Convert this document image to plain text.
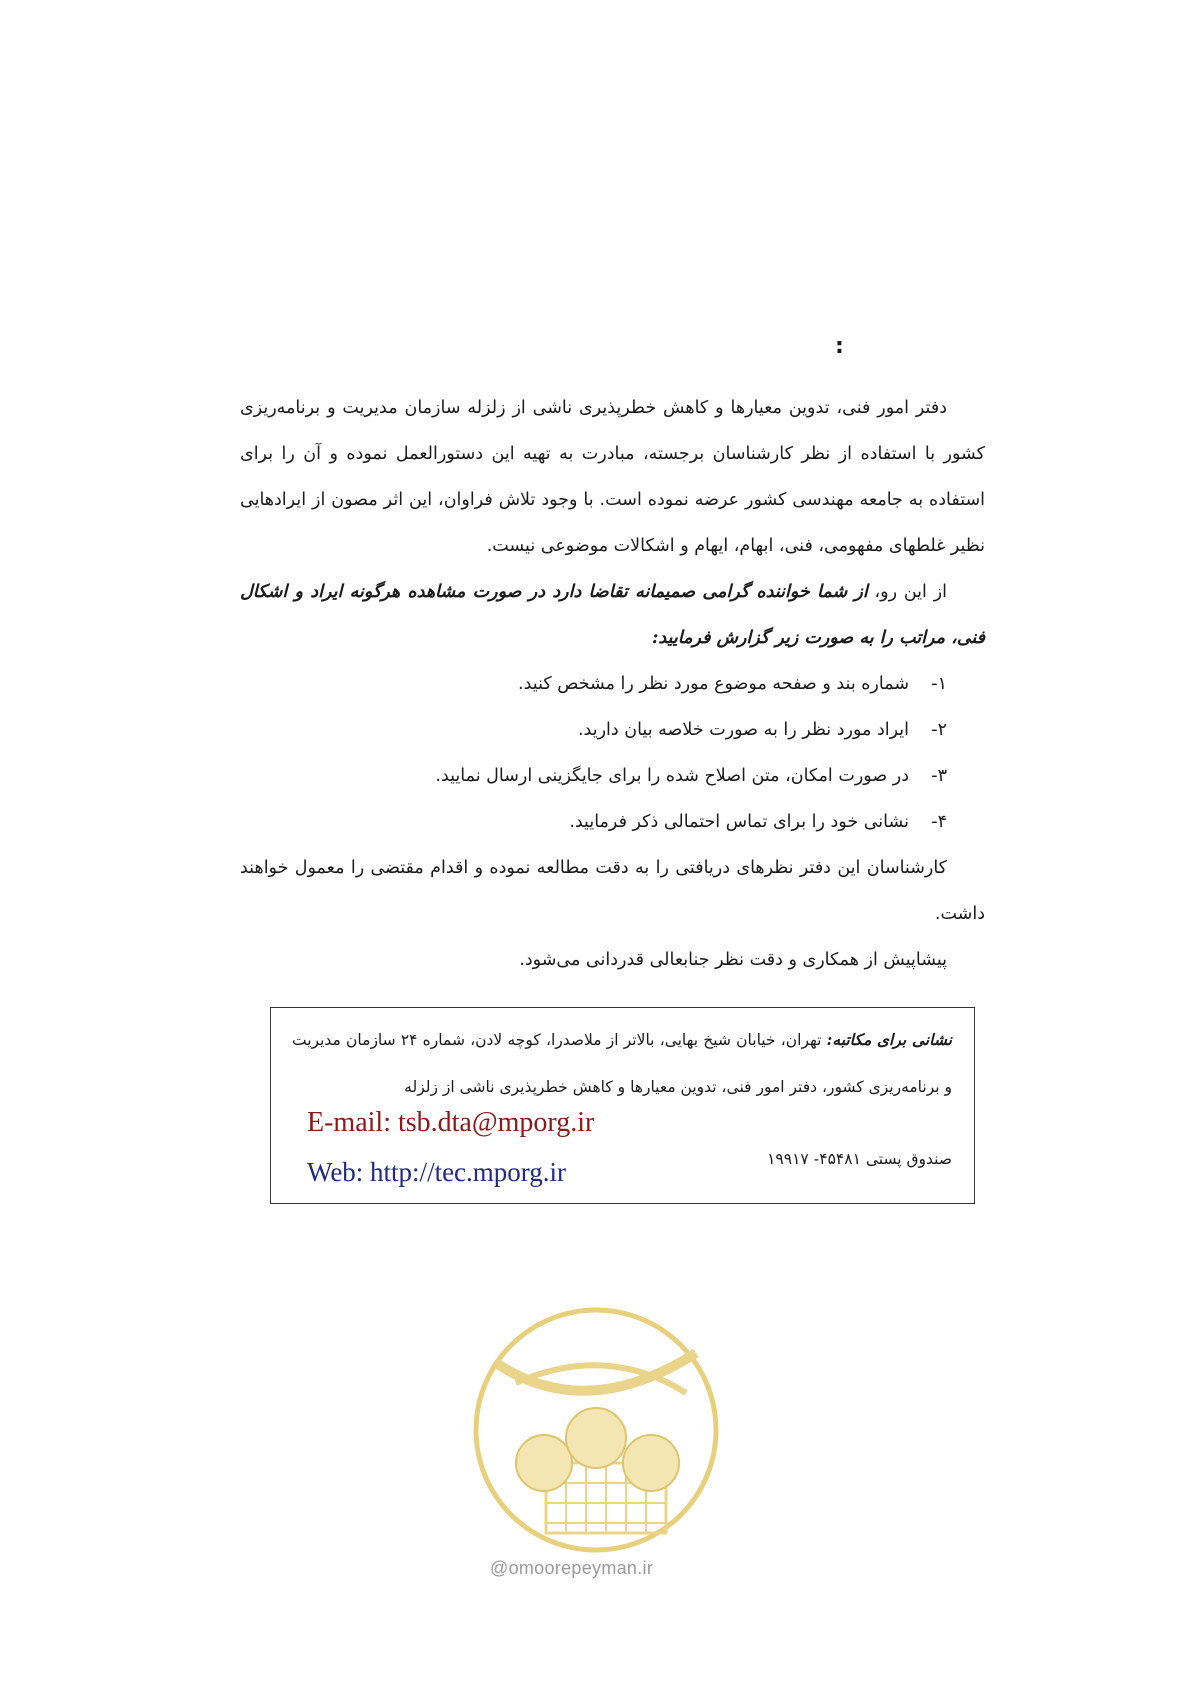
:

دفتر امور فنی، تدوین معیارها و کاهش خطرپذیری ناشی از زلزله سازمان مدیریت و برنامه‌ریزی کشور با استفاده از نظر کارشناسان برجسته، مبادرت به تهیه این دستورالعمل نموده و آن را برای استفاده به جامعه مهندسی کشور عرضه نموده است. با وجود تلاش فراوان، این اثر مصون از ایرادهایی نظیر غلطهای مفهومی، فنی، ابهام، ایهام و اشکالات موضوعی نیست.

از این رو، از شما خواننده گرامی صمیمانه تقاضا دارد در صورت مشاهده هرگونه ایراد و اشکال فنی، مراتب را به صورت زیر گزارش فرمایید:

۱-شماره بند و صفحه موضوع مورد نظر را مشخص کنید.
۲-ایراد مورد نظر را به صورت خلاصه بیان دارید.
۳-در صورت امکان، متن اصلاح شده را برای جایگزینی ارسال نمایید.
۴-نشانی خود را برای تماس احتمالی ذکر فرمایید.

کارشناسان این دفتر نظرهای دریافتی را به دقت مطالعه نموده و اقدام مقتضی را معمول خواهند داشت.

پیشاپیش از همکاری و دقت نظر جنابعالی قدردانی می‌شود.

نشانی برای مکاتبه: تهران، خیابان شیخ بهایی، بالاتر از ملاصدرا، کوچه لادن، شماره ۲۴ سازمان مدیریت و برنامه‌ریزی کشور، دفتر امور فنی، تدوین معیارها و کاهش خطرپذیری ناشی از زلزله
صندوق پستی ۴۵۴۸۱- ۱۹۹۱۷
E-mail: tsb.dta@mporg.ir
Web: http://tec.mporg.ir
@omoorepeyman.ir
